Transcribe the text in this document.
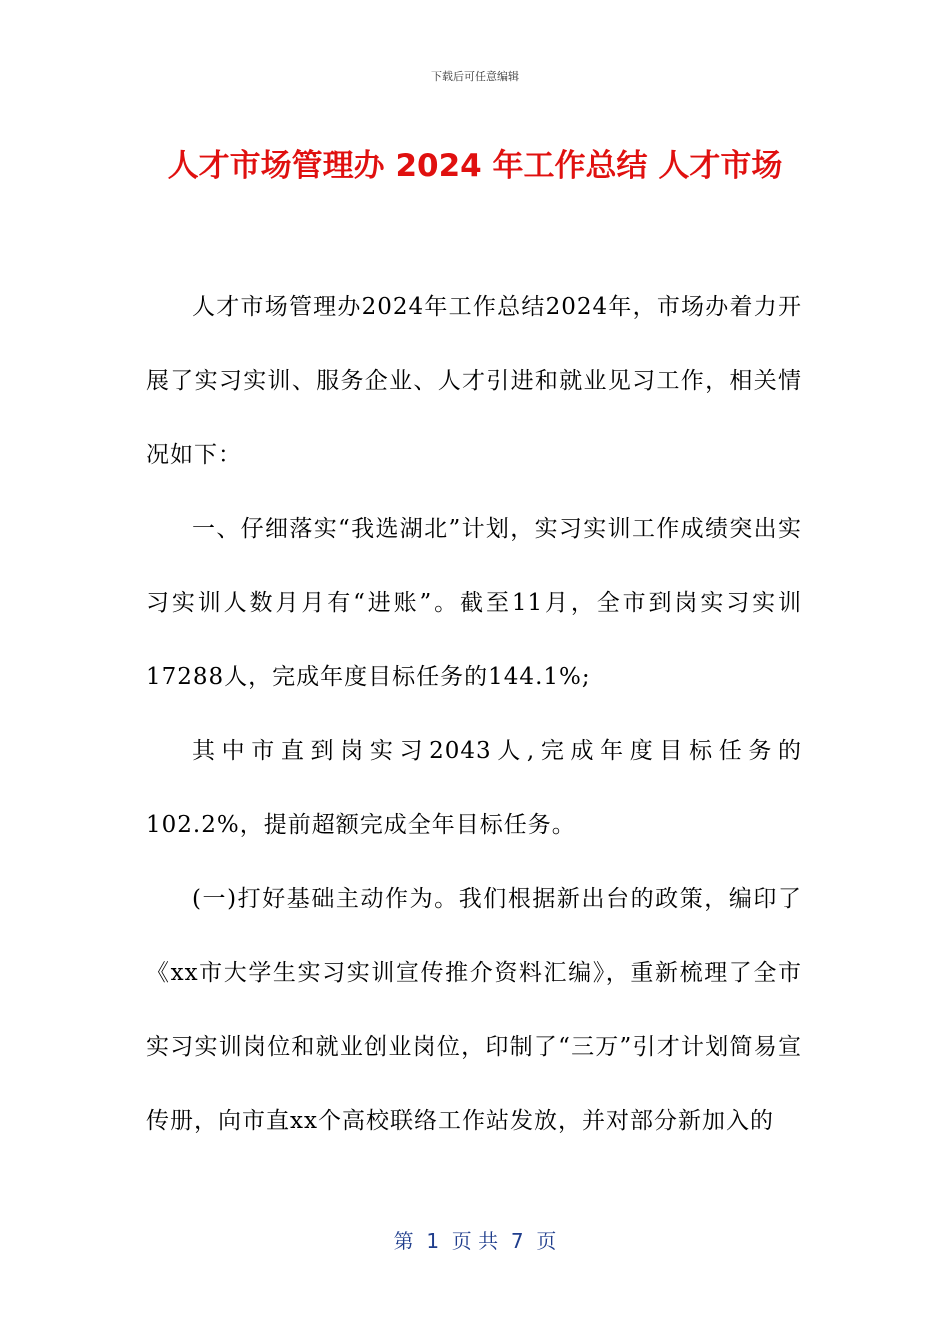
下载后可任意编辑
人才市场管理办 2024 年工作总结 人才市场

人才市场管理办2024年工作总结2024年，市场办着力开展了实习实训、服务企业、人才引进和就业见习工作，相关情况如下：

一、仔细落实“我选湖北”计划，实习实训工作成绩突出实习实训人数月月有“进账”。截至11月，全市到岗实习实训17288人，完成年度目标任务的144.1%;

其中市直到岗实习2043人,完成年度目标任务的102.2%，提前超额完成全年目标任务。

(一)打好基础主动作为。我们根据新出台的政策，编印了《xx市大学生实习实训宣传推介资料汇编》，重新梳理了全市实习实训岗位和就业创业岗位，印制了“三万”引才计划简易宣传册，向市直xx个高校联络工作站发放，并对部分新加入的

第  1  页 共  7  页
